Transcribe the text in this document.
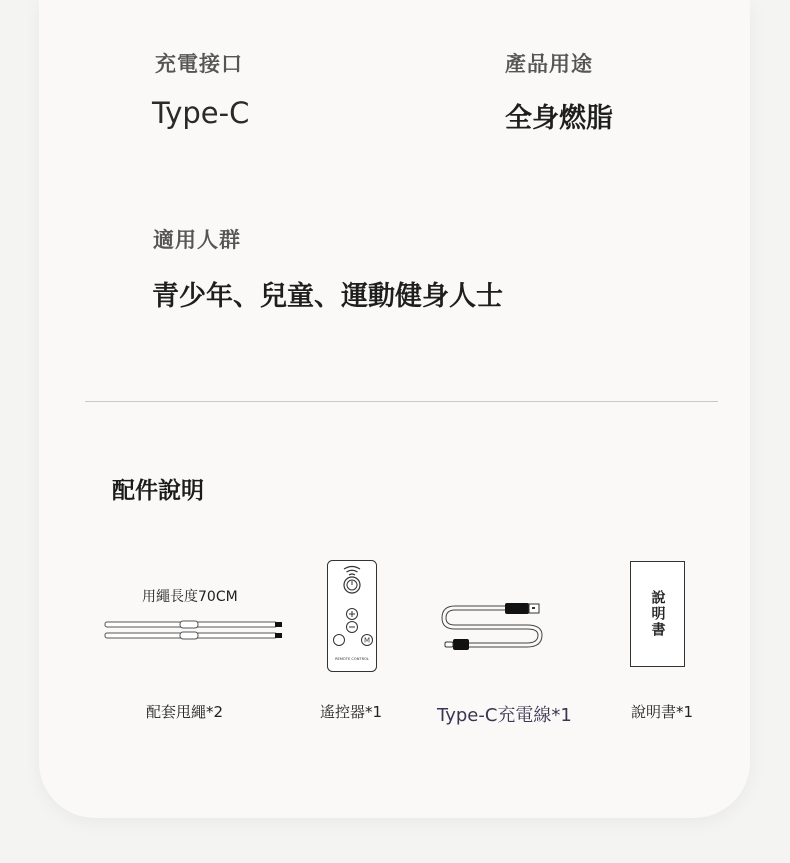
充電接口
Type-C
產品用途
全身燃脂
適用人群
青少年、兒童、運動健身人士
配件說明
用繩長度70CM
M
REMOTE CONTROL
說明書
配套甩繩*2	遙控器*1	Type-C充電線*1	說明書*1
